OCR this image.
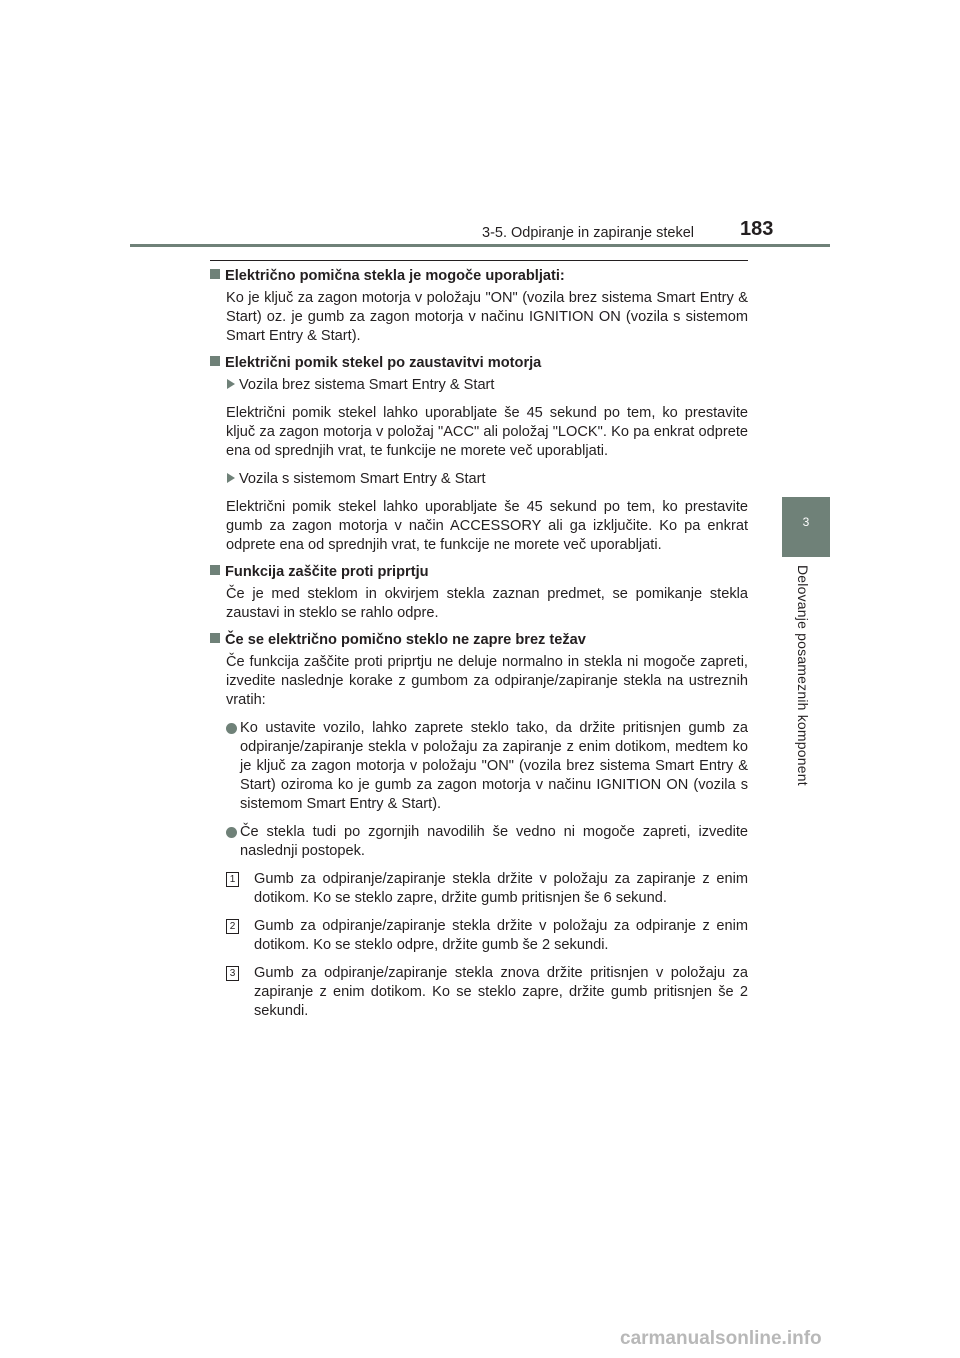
3-5. Odpiranje in zapiranje stekel 183
3
Delovanje posameznih komponent
Električno pomična stekla je mogoče uporabljati:
Ko je ključ za zagon motorja v položaju "ON" (vozila brez sistema Smart Entry & Start) oz. je gumb za zagon motorja v načinu IGNITION ON (vozila s sistemom Smart Entry & Start).
Električni pomik stekel po zaustavitvi motorja
Vozila brez sistema Smart Entry & Start
Električni pomik stekel lahko uporabljate še 45 sekund po tem, ko prestavite ključ za zagon motorja v položaj "ACC" ali položaj "LOCK". Ko pa enkrat odprete ena od sprednjih vrat, te funkcije ne morete več uporabljati.
Vozila s sistemom Smart Entry & Start
Električni pomik stekel lahko uporabljate še 45 sekund po tem, ko prestavite gumb za zagon motorja v način ACCESSORY ali ga izključite. Ko pa enkrat odprete ena od sprednjih vrat, te funkcije ne morete več uporabljati.
Funkcija zaščite proti priprtju
Če je med steklom in okvirjem stekla zaznan predmet, se pomikanje stekla zaustavi in steklo se rahlo odpre.
Če se električno pomično steklo ne zapre brez težav
Če funkcija zaščite proti priprtju ne deluje normalno in stekla ni mogoče zapreti, izvedite naslednje korake z gumbom za odpiranje/zapiranje stekla na ustreznih vratih:
Ko ustavite vozilo, lahko zaprete steklo tako, da držite pritisnjen gumb za odpiranje/zapiranje stekla v položaju za zapiranje z enim dotikom, medtem ko je ključ za zagon motorja v položaju "ON" (vozila brez sistema Smart Entry & Start) oziroma ko je gumb za zagon motorja v načinu IGNITION ON (vozila s sistemom Smart Entry & Start).
Če stekla tudi po zgornjih navodilih še vedno ni mogoče zapreti, izvedite naslednji postopek.
1 Gumb za odpiranje/zapiranje stekla držite v položaju za zapiranje z enim dotikom. Ko se steklo zapre, držite gumb pritisnjen še 6 sekund.
2 Gumb za odpiranje/zapiranje stekla držite v položaju za odpiranje z enim dotikom. Ko se steklo odpre, držite gumb še 2 sekundi.
3 Gumb za odpiranje/zapiranje stekla znova držite pritisnjen v položaju za zapiranje z enim dotikom. Ko se steklo zapre, držite gumb pritisnjen še 2 sekundi.
carmanualsonline.info
